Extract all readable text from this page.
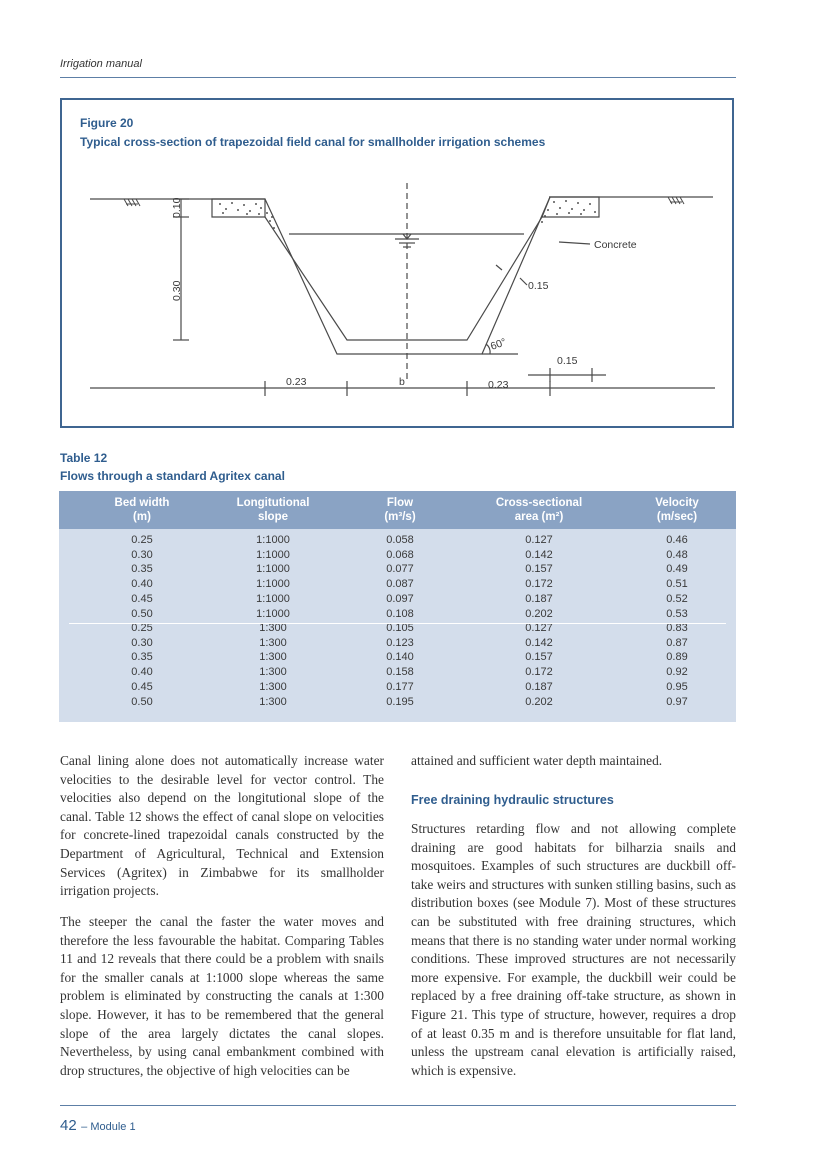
Irrigation manual
Figure 20
Typical cross-section of trapezoidal field canal for smallholder irrigation schemes
0.10
0.30
Concrete
0.15
60°
0.15
0.23	b	0.23
Table 12
Flows through a standard Agritex canal
Bed width
(m)
Longitutional
slope
Flow
(m³/s)
Cross-sectional
area (m²)
Velocity
(m/sec)
0.25
0.30
0.35
0.40
0.45
0.50
1:1000
1:1000
1:1000
1:1000
1:1000
1:1000
0.058
0.068
0.077
0.087
0.097
0.108
0.127
0.142
0.157
0.172
0.187
0.202
0.46
0.48
0.49
0.51
0.52
0.53
0.25
0.30
0.35
0.40
0.45
0.50
1:300
1:300
1:300
1:300
1:300
1:300
0.105
0.123
0.140
0.158
0.177
0.195
0.127
0.142
0.157
0.172
0.187
0.202
0.83
0.87
0.89
0.92
0.95
0.97

Canal lining alone does not automatically increase water velocities to the desirable level for vector control. The velocities also depend on the longitutional slope of the canal. Table 12 shows the effect of canal slope on velocities for concrete-lined trapezoidal canals constructed by the Department of Agricultural, Technical and Extension Services (Agritex) in Zimbabwe for its smallholder irrigation projects.

The steeper the canal the faster the water moves and therefore the less favourable the habitat. Comparing Tables 11 and 12 reveals that there could be a problem with snails for the smaller canals at 1:1000 slope whereas the same problem is eliminated by constructing the canals at 1:300 slope. However, it has to be remembered that the general slope of the area largely dictates the canal slopes. Nevertheless, by using canal embankment combined with drop structures, the objective of high velocities can be

attained and sufficient water depth maintained.

Free draining hydraulic structures

Structures retarding flow and not allowing complete draining are good habitats for bilharzia snails and mosquitoes. Examples of such structures are duckbill off-take weirs and structures with sunken stilling basins, such as distribution boxes (see Module 7). Most of these structures can be substituted with free draining structures, which means that there is no standing water under normal working conditions. These improved structures are not necessarily more expensive. For example, the duckbill weir could be replaced by a free draining off-take structure, as shown in Figure 21. This type of structure, however, requires a drop of at least 0.35 m and is therefore unsuitable for flat land, unless the upstream canal elevation is artificially raised, which is expensive.

42 – Module 1
